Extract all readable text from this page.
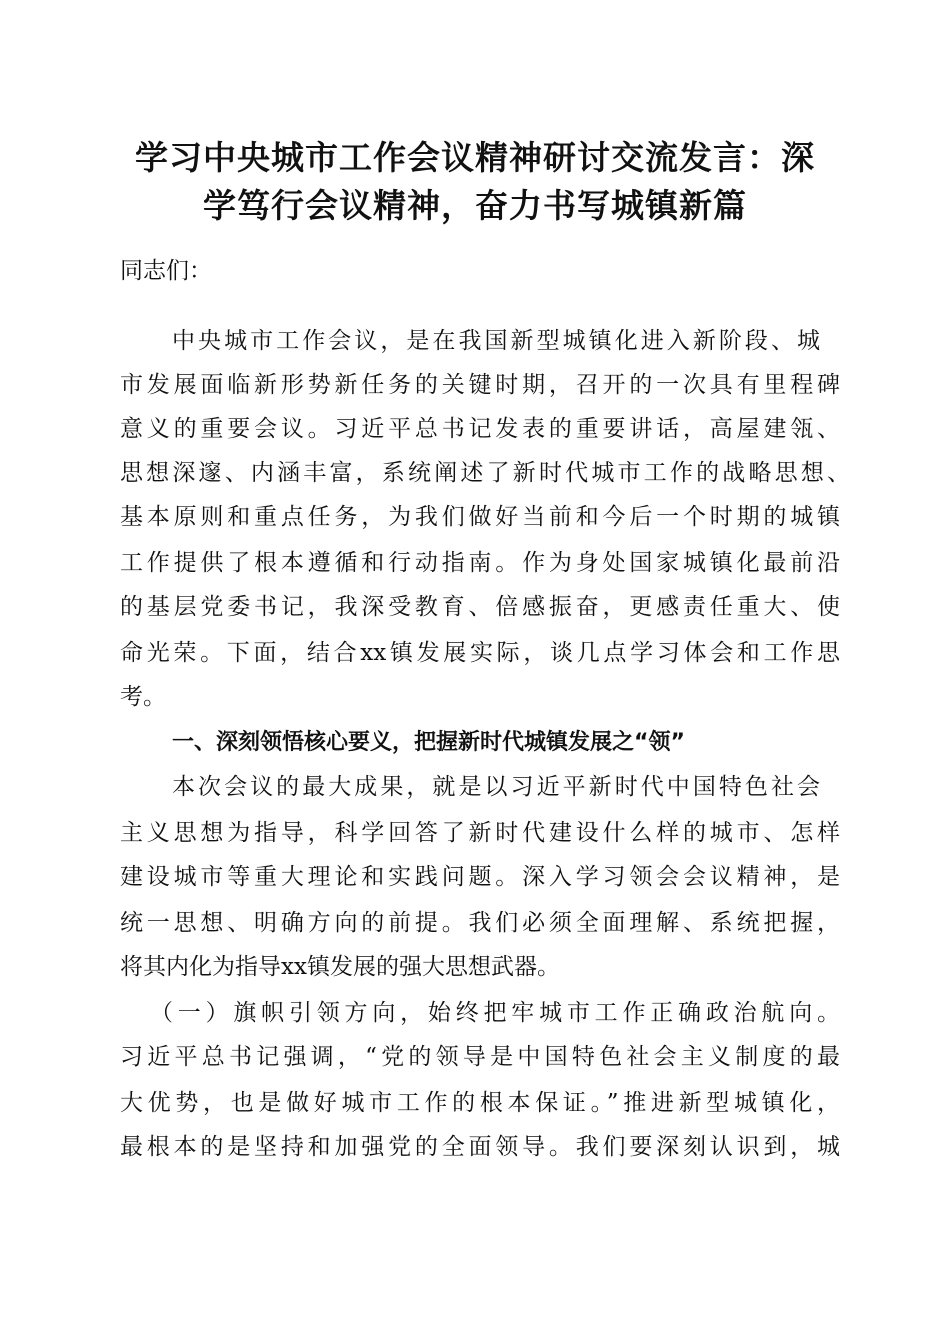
学习中央城市工作会议精神研讨交流发言：深
学笃行会议精神，奋力书写城镇新篇
同志们：
中央城市工作会议，是在我国新型城镇化进入新阶段、城
市发展面临新形势新任务的关键时期，召开的一次具有里程碑
意义的重要会议。习近平总书记发表的重要讲话，高屋建瓴、
思想深邃、内涵丰富，系统阐述了新时代城市工作的战略思想、
基本原则和重点任务，为我们做好当前和今后一个时期的城镇
工作提供了根本遵循和行动指南。作为身处国家城镇化最前沿
的基层党委书记，我深受教育、倍感振奋，更感责任重大、使
命光荣。下面，结合xx镇发展实际，谈几点学习体会和工作思
考。
一、深刻领悟核心要义，把握新时代城镇发展之“领”
本次会议的最大成果，就是以习近平新时代中国特色社会
主义思想为指导，科学回答了新时代建设什么样的城市、怎样
建设城市等重大理论和实践问题。深入学习领会会议精神，是
统一思想、明确方向的前提。我们必须全面理解、系统把握，
将其内化为指导xx镇发展的强大思想武器。
（一）旗帜引领方向，始终把牢城市工作正确政治航向。
习近平总书记强调，“党的领导是中国特色社会主义制度的最
大优势，也是做好城市工作的根本保证。”推进新型城镇化，
最根本的是坚持和加强党的全面领导。我们要深刻认识到，城
